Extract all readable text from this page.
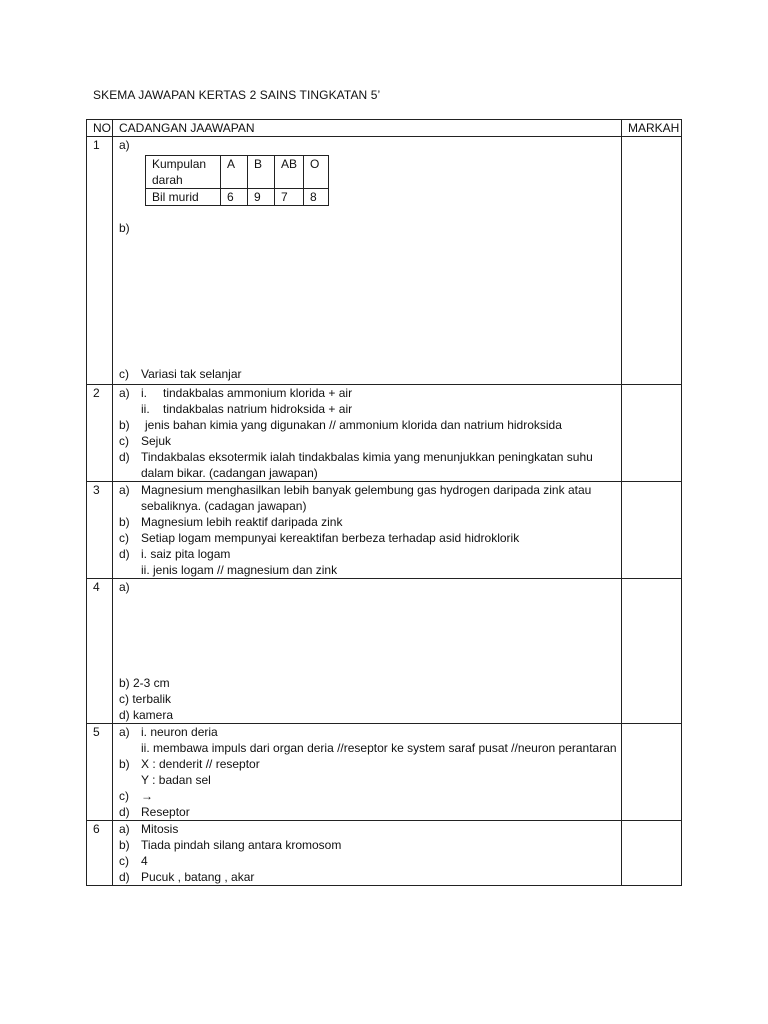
SKEMA JAWAPAN KERTAS 2 SAINS TINGKATAN 5’
NO	CADANGAN JAAWAPAN	MARKAH
1	a)
Kumpulan darah	A	B	AB	O
Bil murid	6	9	7	8
b)
c)	Variasi tak selanjar

2	a) i.	tindakbalas ammonium klorida + air
ii.	tindakbalas natrium hidroksida + air
b)	jenis bahan kimia yang digunakan // ammonium klorida dan natrium hidroksida
c)	Sejuk
d) Tindakbalas eksotermik ialah tindakbalas kimia yang menunjukkan peningkatan suhu dalam bikar. (cadangan jawapan)

3	a) Magnesium menghasilkan lebih banyak gelembung gas hydrogen daripada zink atau sebaliknya. (cadagan jawapan)
b) Magnesium lebih reaktif daripada zink
c)	Setiap logam mempunyai kereaktifan berbeza terhadap asid hidroklorik
d) i. saiz pita logam
ii. jenis logam // magnesium dan zink

4	a)
b) 2-3 cm
c) terbalik
d) kamera

5	a) i. neuron deria
ii. membawa impuls dari organ deria //reseptor ke system saraf pusat //neuron perantaran
b) X : denderit // reseptor
Y : badan sel
c)	→
d) Reseptor

6	a) Mitosis
b) Tiada pindah silang antara kromosom
c)	4
d) Pucuk , batang , akar
